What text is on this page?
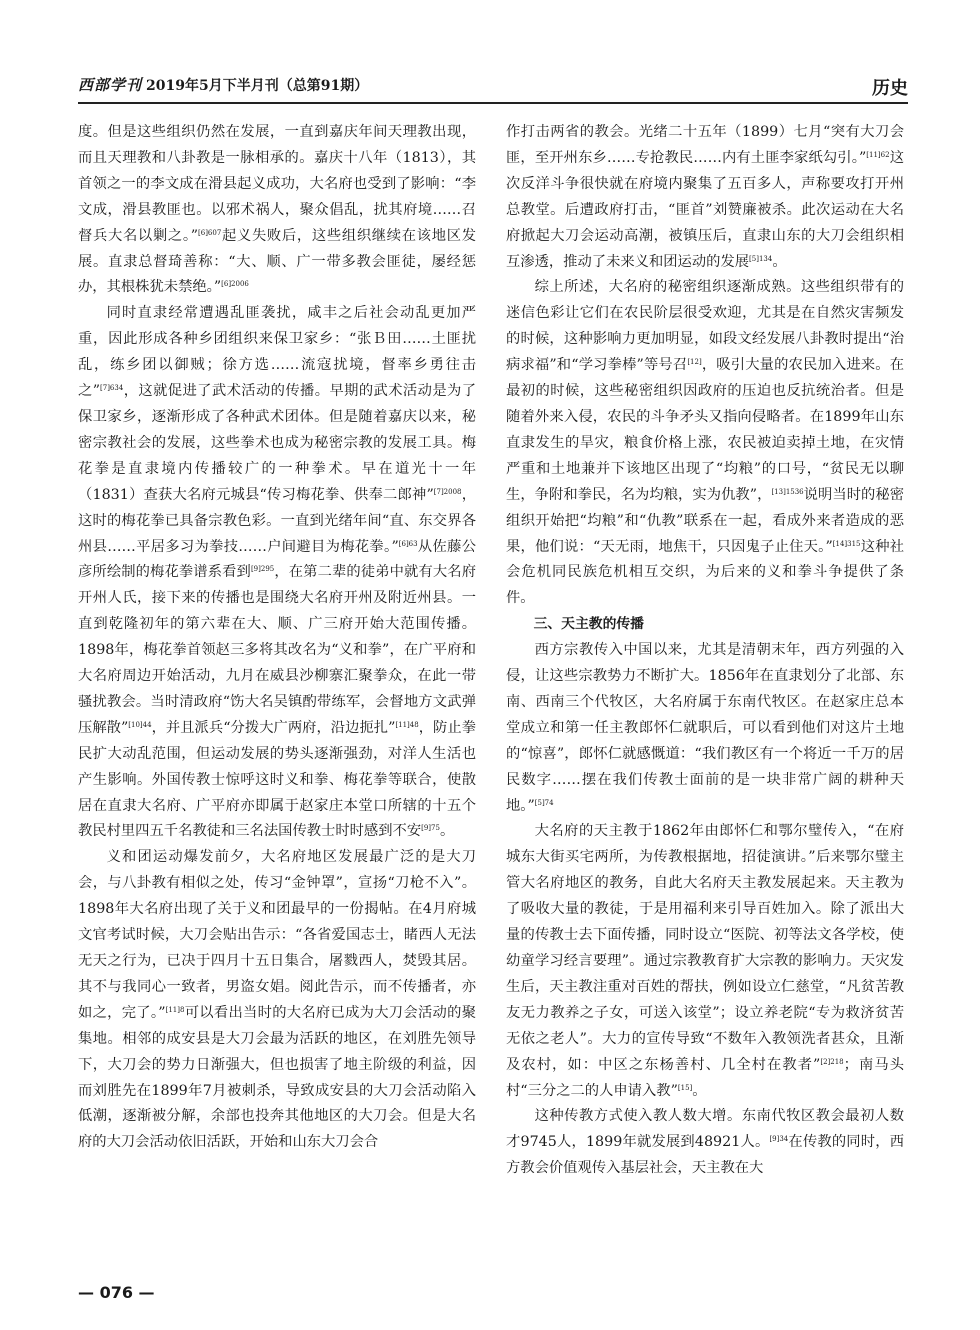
西部学刊 2019年5月下半月刊（总第91期）	历史

度。但是这些组织仍然在发展，一直到嘉庆年间天理教出现，而且天理教和八卦教是一脉相承的。嘉庆十八年（1813），其首领之一的李文成在滑县起义成功，大名府也受到了影响：“李文成，滑县教匪也。以邪术祸人，聚众倡乱，扰其府境……召督兵大名以剿之。”$^{[6]607}$起义失败后，这些组织继续在该地区发展。直隶总督琦善称：“大、顺、广一带多教会匪徒，屡经惩办，其根株犹未禁绝。”$^{[6]2006}$

同时直隶经常遭遇乱匪袭扰，咸丰之后社会动乱更加严重，因此形成各种乡团组织来保卫家乡：“张Ｂ田……土匪扰乱，练乡团以御贼；徐方选……流寇扰境，督率乡勇往击之”$^{[7]634}$，这就促进了武术活动的传播。早期的武术活动是为了保卫家乡，逐渐形成了各种武术团体。但是随着嘉庆以来，秘密宗教社会的发展，这些拳术也成为秘密宗教的发展工具。梅花拳是直隶境内传播较广的一种拳术。早在道光十一年（1831）查获大名府元城县“传习梅花拳、供奉二郎神”$^{[7]2008}$，这时的梅花拳已具备宗教色彩。一直到光绪年间“直、东交界各州县……平居多习为拳技……户间避目为梅花拳。”$^{[6]63}$从佐藤公彦所绘制的梅花拳谱系看到$^{[9]295}$，在第二辈的徒弟中就有大名府开州人氏，接下来的传播也是围绕大名府开州及附近州县。一直到乾隆初年的第六辈在大、顺、广三府开始大范围传播。1898年，梅花拳首领赵三多将其改名为“义和拳”，在广平府和大名府周边开始活动，九月在威县沙柳寨汇聚拳众，在此一带骚扰教会。当时清政府“饬大名吴镇酌带练军，会督地方文武弹压解散”$^{[10]44}$，并且派兵“分拨大广两府，沿边扼扎”$^{[11]48}$，防止拳民扩大动乱范围，但运动发展的势头逐渐强劲，对洋人生活也产生影响。外国传教士惊呼这时义和拳、梅花拳等联合，使散居在直隶大名府、广平府亦即属于赵家庄本堂口所辖的十五个教民村里四五千名教徒和三名法国传教士时时感到不安$^{[9]75}$。

义和团运动爆发前夕，大名府地区发展最广泛的是大刀会，与八卦教有相似之处，传习“金钟罩”，宣扬“刀枪不入”。1898年大名府出现了关于义和团最早的一份揭帖。在4月府城文官考试时候，大刀会贴出告示：“各省爱国志士，睹西人无法无天之行为，已决于四月十五日集合，屠戮西人，焚毁其居。其不与我同心一致者，男盗女娼。阅此告示，而不传播者，亦如之，完了。”$^{[11]8}$可以看出当时的大名府已成为大刀会活动的聚集地。相邻的成安县是大刀会最为活跃的地区，在刘胜先领导下，大刀会的势力日渐强大，但也损害了地主阶级的利益，因而刘胜先在1899年7月被刺杀，导致成安县的大刀会活动陷入低潮，逐渐被分解，余部也投奔其他地区的大刀会。但是大名府的大刀会活动依旧活跃，开始和山东大刀会合

作打击两省的教会。光绪二十五年（1899）七月“突有大刀会匪，至开州东乡……专抢教民……内有土匪李家纸勾引。”$^{[11]62}$这次反洋斗争很快就在府境内聚集了五百多人，声称要攻打开州总教堂。后遭政府打击，“匪首”刘赞廉被杀。此次运动在大名府掀起大刀会运动高潮，被镇压后，直隶山东的大刀会组织相互渗透，推动了未来义和团运动的发展$^{[5]134}$。

综上所述，大名府的秘密组织逐渐成熟。这些组织带有的迷信色彩让它们在农民阶层很受欢迎，尤其是在自然灾害频发的时候，这种影响力更加明显，如段文经发展八卦教时提出“治病求福”和“学习拳棒”等号召[12]，吸引大量的农民加入进来。在最初的时候，这些秘密组织因政府的压迫也反抗统治者。但是随着外来入侵，农民的斗争矛头又指向侵略者。在1899年山东直隶发生的旱灾，粮食价格上涨，农民被迫卖掉土地，在灾情严重和土地兼并下该地区出现了“均粮”的口号，“贫民无以聊生，争附和拳民，名为均粮，实为仇教”，$^{[13]1536}$说明当时的秘密组织开始把“均粮”和“仇教”联系在一起，看成外来者造成的恶果，他们说：“天无雨，地焦干，只因鬼子止住天。”$^{[14]315}$这种社会危机同民族危机相互交织，为后来的义和拳斗争提供了条件。

三、天主教的传播

西方宗教传入中国以来，尤其是清朝末年，西方列强的入侵，让这些宗教势力不断扩大。1856年在直隶划分了北部、东南、西南三个代牧区，大名府属于东南代牧区。在赵家庄总本堂成立和第一任主教郎怀仁就职后，可以看到他们对这片土地的“惊喜”，郎怀仁就感慨道：“我们教区有一个将近一千万的居民数字……摆在我们传教士面前的是一块非常广阔的耕种天地。”$^{[5]74}$

大名府的天主教于1862年由郎怀仁和鄂尔璧传入，“在府城东大街买宅两所，为传教根据地，招徒演讲。”后来鄂尔璧主管大名府地区的教务，自此大名府天主教发展起来。天主教为了吸收大量的教徒，于是用福利来引导百姓加入。除了派出大量的传教士去下面传播，同时设立“医院、初等法文各学校，使幼童学习经言要理”。通过宗教教育扩大宗教的影响力。天灾发生后，天主教注重对百姓的帮扶，例如设立仁慈堂，“凡贫苦教友无力教养之子女，可送入该堂”；设立养老院“专为救济贫苦无依之老人”。大力的宣传导致“不数年入教领洗者甚众，且渐及农村，如：中区之东杨善村、几全村在教者”$^{[2]218}$；南马头村“三分之二的人申请入教”[15]。

这种传教方式使入教人数大增。东南代牧区教会最初人数才9745人，1899年就发展到48921人。$^{[9]34}$在传教的同时，西方教会价值观传入基层社会，天主教在大

— 076 —
